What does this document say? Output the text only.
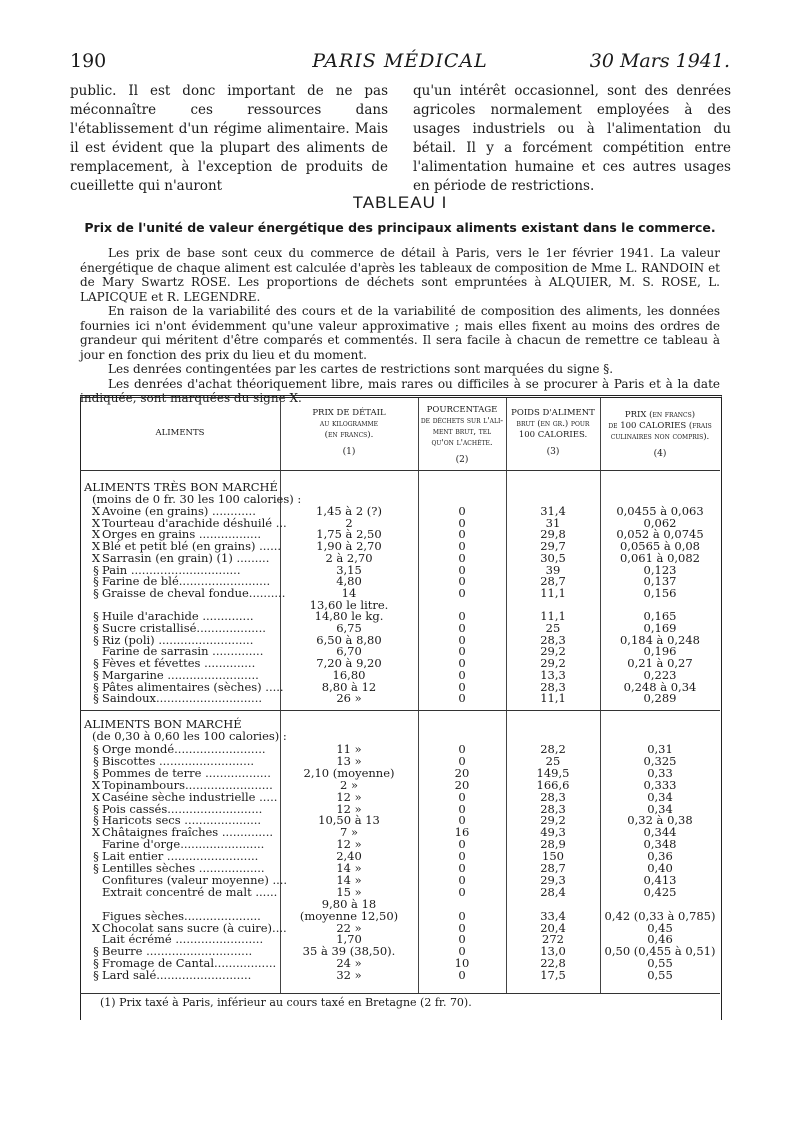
190	PARIS MÉDICAL	30 Mars 1941.

public. Il est donc important de ne pas méconnaître ces ressources dans l'établissement d'un régime alimentaire. Mais il est évident que la plupart des aliments de remplacement, à l'exception de produits de cueillette qui n'auront

qu'un intérêt occasionnel, sont des denrées agricoles normalement employées à des usages industriels ou à l'alimentation du bétail. Il y a forcément compétition entre l'alimentation humaine et ces autres usages en période de restrictions.

TABLEAU I
Prix de l'unité de valeur énergétique des principaux aliments existant dans le commerce.

Les prix de base sont ceux du commerce de détail à Paris, vers le 1er février 1941. La valeur énergétique de chaque aliment est calculée d'après les tableaux de composition de Mme L. RANDOIN et de Mary Swartz ROSE. Les proportions de déchets sont empruntées à ALQUIER, M. S. ROSE, L. LAPICQUE et R. LEGENDRE.

En raison de la variabilité des cours et de la variabilité de composition des aliments, les données fournies ici n'ont évidemment qu'une valeur approximative ; mais elles fixent au moins des ordres de grandeur qui méritent d'être comparés et commentés. Il sera facile à chacun de remettre ce tableau à jour en fonction des prix du lieu et du moment.

Les denrées contingentées par les cartes de restrictions sont marquées du signe §.

Les denrées d'achat théoriquement libre, mais rares ou difficiles à se procurer à Paris et à la date indiquée, sont marquées du signe X.

ALIMENTS
PRIX DE DÉTAIL
au kilogramme
(en francs).
(1)
POURCENTAGE
de déchets sur l'ali-
ment brut, tel
qu'on l'achète.
(2)
POIDS D'ALIMENT
brut (en gr.) pour
100 CALORIES.
(3)
PRIX (en francs)
de 100 CALORIES (frais
culinaires non compris).
(4)
ALIMENTS TRÈS BON MARCHÉ
(moins de 0 fr. 30 les 100 calories) :
X Avoine (en grains) ............	1,45 à 2 (?)	0	31,4	0,0455 à 0,063
X Tourteau d'arachide déshuilé ...	2	0	31	0,062
X Orges en grains .................	1,75 à 2,50	0	29,8	0,052 à 0,0745
X Blé et petit blé (en grains) ......	1,90 à 2,70	0	29,7	0,0565 à 0,08
X Sarrasin (en grain) (1) .........	2 à 2,70	0	30,5	0,061 à 0,082
§ Pain ..............................	3,15	0	39	0,123
§ Farine de blé.........................	4,80	0	28,7	0,137
§ Graisse de cheval fondue..........	14	0	11,1	0,156
13,60 le litre.
§ Huile d'arachide ..............	14,80 le kg.	0	11,1	0,165
§ Sucre cristallisé...................	6,75	0	25	0,169
§ Riz (poli) ..........................	6,50 à 8,80	0	28,3	0,184 à 0,248
Farine de sarrasin ..............	6,70	0	29,2	0,196
§ Fèves et févettes ..............	7,20 à 9,20	0	29,2	0,21 à 0,27
§ Margarine .........................	16,80	0	13,3	0,223
§ Pâtes alimentaires (sèches) .....	8,80 à 12	0	28,3	0,248 à 0,34
§ Saindoux.............................	26 »	0	11,1	0,289
ALIMENTS BON MARCHÉ
(de 0,30 à 0,60 les 100 calories) :
§ Orge mondé.........................	11 »	0	28,2	0,31
§ Biscottes ..........................	13 »	0	25	0,325
§ Pommes de terre ..................	2,10 (moyenne)	20	149,5	0,33
X Topinambours........................	2 »	20	166,6	0,333
X Caséine sèche industrielle .....	12 »	0	28,3	0,34
§ Pois cassés..........................	12 »	0	28,3	0,34
§ Haricots secs .....................	10,50 à 13	0	29,2	0,32 à 0,38
X Châtaignes fraîches ..............	7 »	16	49,3	0,344
Farine d'orge.......................	12 »	0	28,9	0,348
§ Lait entier .........................	2,40	0	150	0,36
§ Lentilles sèches ..................	14 »	0	28,7	0,40
Confitures (valeur moyenne) ....	14 »	0	29,3	0,413
Extrait concentré de malt ......	15 »	0	28,4	0,425
9,80 à 18
Figues sèches.....................	(moyenne 12,50)	0	33,4	0,42 (0,33 à 0,785)
X Chocolat sans sucre (à cuire)....	22 »	0	20,4	0,45
Lait écrémé ........................	1,70	0	272	0,46
§ Beurre .............................	35 à 39 (38,50).	0	13,0	0,50 (0,455 à 0,51)
§ Fromage de Cantal.................	24 »	10	22,8	0,55
§ Lard salé..........................	32 »	0	17,5	0,55
(1) Prix taxé à Paris, inférieur au cours taxé en Bretagne (2 fr. 70).
